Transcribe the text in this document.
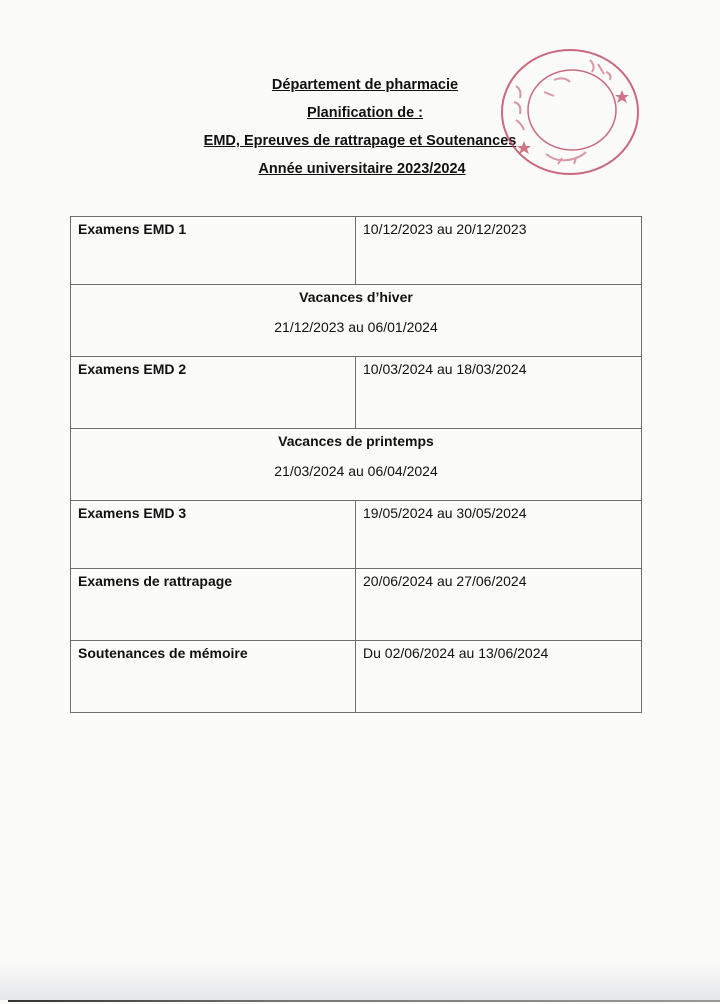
Département de pharmacie
Planification de :
EMD, Epreuves de rattrapage et Soutenances
Année universitaire 2023/2024
Examens EMD 1	10/12/2023 au 20/12/2023

Vacances d’hiver
21/12/2023 au 06/01/2024	

Examens EMD 2	10/03/2024 au 18/03/2024

Vacances de printemps
21/03/2024 au 06/04/2024	

Examens EMD 3	19/05/2024 au 30/05/2024
Examens de rattrapage	20/06/2024 au 27/06/2024
Soutenances de mémoire	Du 02/06/2024 au 13/06/2024
